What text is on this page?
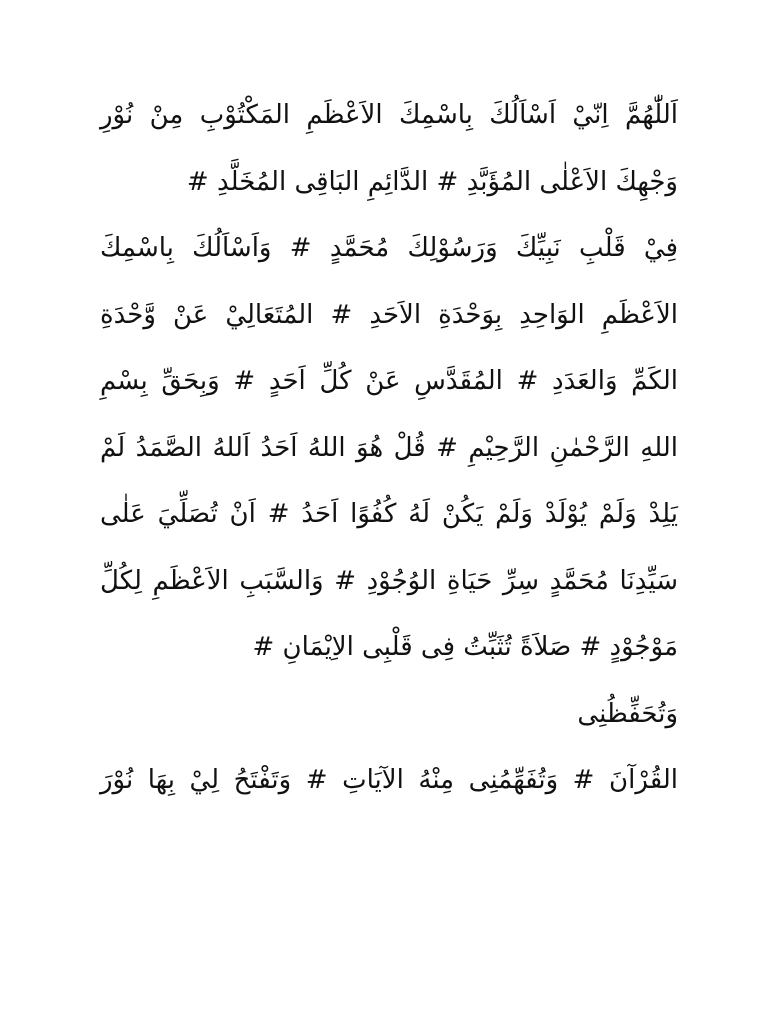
اَللّٰهُمَّ اِنّيْ اَسْاَلُكَ بِاسْمِكَ الاَعْظَمِ المَكْتُوْبِ مِنْ نُوْرِ
وَجْهِكَ الاَعْلٰى المُؤَبَّدِ # الدَّائِمِ البَاقِى المُخَلَّدِ #
فِيْ قَلْبِ نَبِيِّكَ وَرَسُوْلِكَ مُحَمَّدٍ # وَاَسْاَلُكَ بِاسْمِكَ
الاَعْظَمِ الوَاحِدِ بِوَحْدَةِ الاَحَدِ # المُتَعَالِيْ عَنْ وَّحْدَةِ
الكَمِّ وَالعَدَدِ # المُقَدَّسِ عَنْ كُلِّ اَحَدٍ # وَبِحَقِّ بِسْمِ
اللهِ الرَّحْمٰنِ الرَّحِيْمِ # قُلْ هُوَ اللهُ اَحَدُ اَللهُ الصَّمَدُ لَمْ
يَلِدْ وَلَمْ يُوْلَدْ وَلَمْ يَكُنْ لَهُ كُفُوًا اَحَدُ # اَنْ تُصَلِّيَ عَلٰى
سَيِّدِنَا مُحَمَّدٍ سِرِّ حَيَاةِ الوُجُوْدِ # وَالسَّبَبِ الاَعْظَمِ لِكُلِّ
مَوْجُوْدٍ # صَلاَةً تُثَبِّتُ فِى قَلْبِى الاِيْمَانِ #
وَتُحَفِّظُنِى
القُرْآنَ # وَتُفَهِّمُنِى مِنْهُ الآيَاتِ # وَتَفْتَحُ لِيْ بِهَا نُوْرَ
